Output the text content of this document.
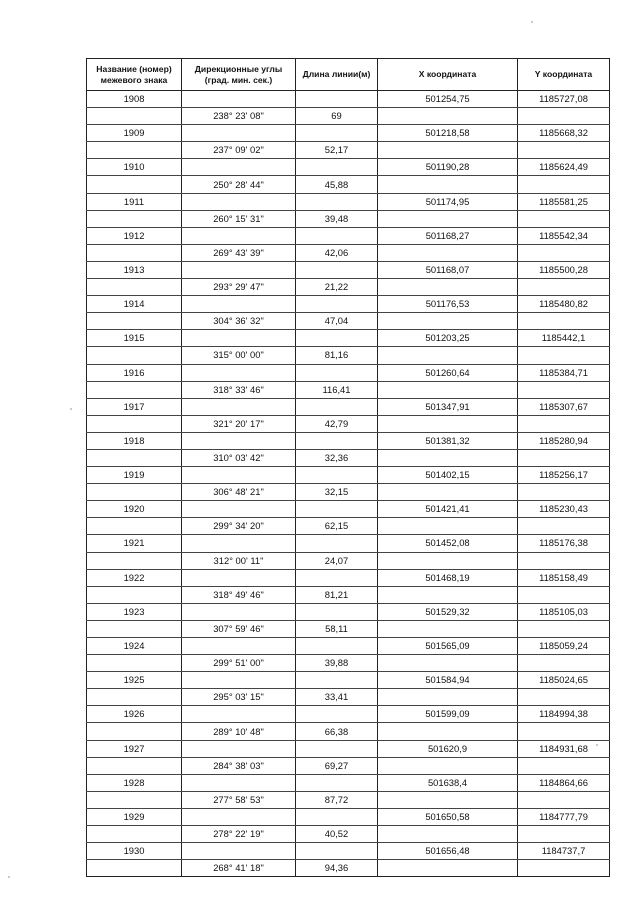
Название (номер) межевого знака	Дирекционные углы (град. мин. сек.)	Длина линии(м)	X координата	Y координата
1908			501254,75	1185727,08
	238° 23' 08"	69		
1909			501218,58	1185668,32
	237° 09' 02"	52,17		
1910			501190,28	1185624,49
	250° 28' 44"	45,88		
1911			501174,95	1185581,25
	260° 15' 31"	39,48		
1912			501168,27	1185542,34
	269° 43' 39"	42,06		
1913			501168,07	1185500,28
	293° 29' 47"	21,22		
1914			501176,53	1185480,82
	304° 36' 32"	47,04		
1915			501203,25	1185442,1
	315° 00' 00"	81,16		
1916			501260,64	1185384,71
	318° 33' 46"	116,41		
1917			501347,91	1185307,67
	321° 20' 17"	42,79		
1918			501381,32	1185280,94
	310° 03' 42"	32,36		
1919			501402,15	1185256,17
	306° 48' 21"	32,15		
1920			501421,41	1185230,43
	299° 34' 20"	62,15		
1921			501452,08	1185176,38
	312° 00' 11"	24,07		
1922			501468,19	1185158,49
	318° 49' 46"	81,21		
1923			501529,32	1185105,03
	307° 59' 46"	58,11		
1924			501565,09	1185059,24
	299° 51' 00"	39,88		
1925			501584,94	1185024,65
	295° 03' 15"	33,41		
1926			501599,09	1184994,38
	289° 10' 48"	66,38		
1927			501620,9	1184931,68
	284° 38' 03"	69,27		
1928			501638,4	1184864,66
	277° 58' 53"	87,72		
1929			501650,58	1184777,79
	278° 22' 19"	40,52		
1930			501656,48	1184737,7
	268° 41' 18"	94,36		
